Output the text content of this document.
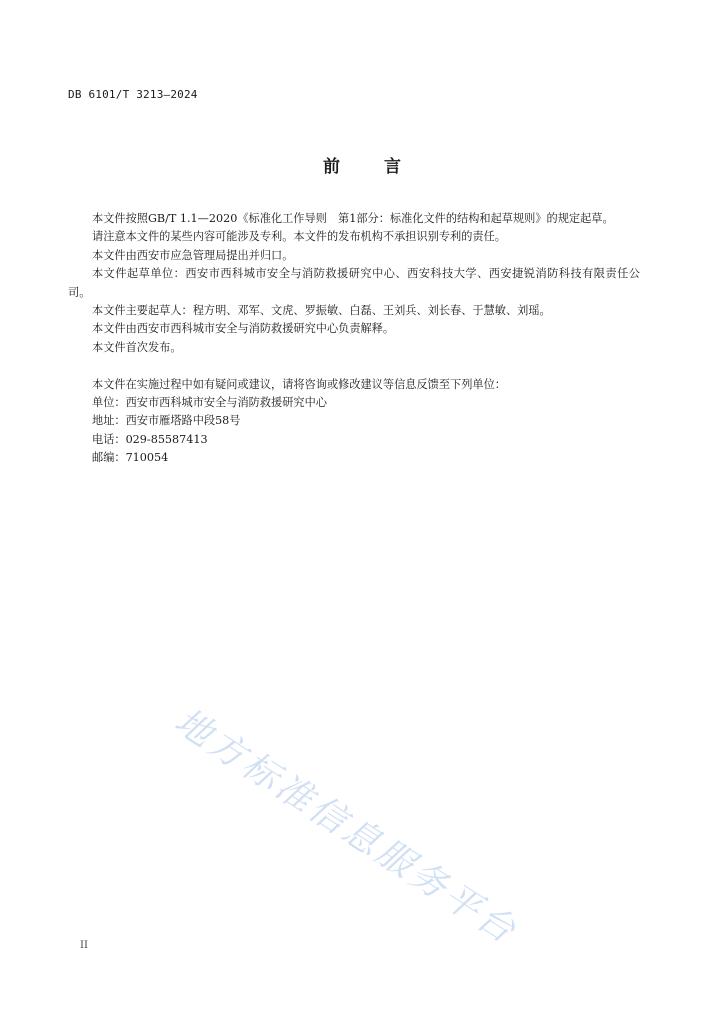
DB 6101/T 3213—2024
前	言

本文件按照GB/T 1.1—2020《标准化工作导则　第1部分：标准化文件的结构和起草规则》的规定起草。

请注意本文件的某些内容可能涉及专利。本文件的发布机构不承担识别专利的责任。

本文件由西安市应急管理局提出并归口。

本文件起草单位：西安市西科城市安全与消防救援研究中心、西安科技大学、西安捷锐消防科技有限责任公司。

本文件主要起草人：程方明、邓军、文虎、罗振敏、白磊、王刘兵、刘长春、于慧敏、刘瑶。

本文件由西安市西科城市安全与消防救援研究中心负责解释。

本文件首次发布。

本文件在实施过程中如有疑问或建议，请将咨询或修改建议等信息反馈至下列单位：

单位：西安市西科城市安全与消防救援研究中心

地址：西安市雁塔路中段58号

电话：029-85587413

邮编：710054

地方标准信息服务平台
II
